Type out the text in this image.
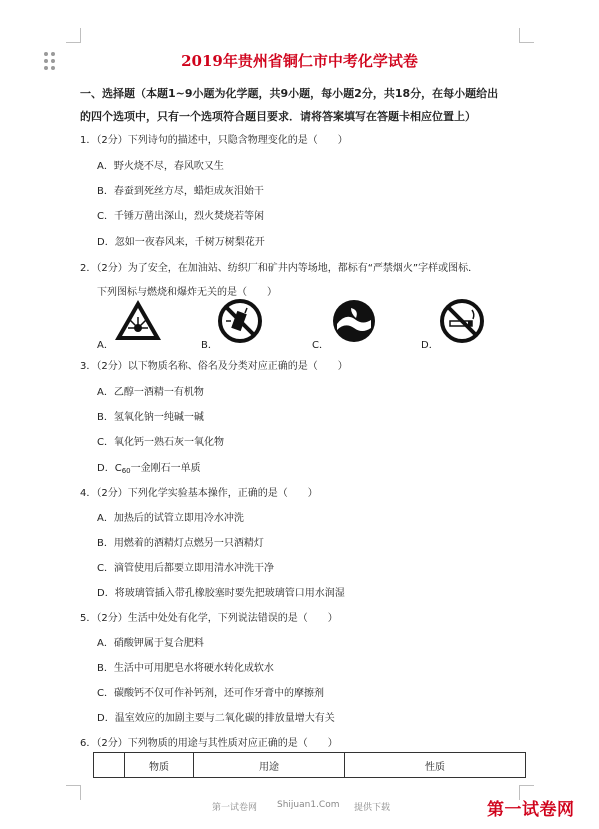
2019年贵州省铜仁市中考化学试卷
一、选择题（本题1~9小题为化学题，共9小题，每小题2分，共18分，在每小题给出
的四个选项中，只有一个选项符合题目要求．请将答案填写在答题卡相应位置上）
1．（2分）下列诗句的描述中，只隐含物理变化的是（　　）
A．野火烧不尽，春风吹又生
B．春蚕到死丝方尽，蜡炬成灰泪始干
C．千锤万凿出深山，烈火焚烧若等闲
D．忽如一夜春风来，千树万树梨花开
2．（2分）为了安全，在加油站、纺织厂和矿井内等场地，都标有“严禁烟火”字样或图标．
下列图标与燃烧和爆炸无关的是（　　）
A．	B．	C．	D．
3．（2分）以下物质名称、俗名及分类对应正确的是（　　）
A．乙醇一酒精一有机物
B．氢氧化钠一纯碱一碱
C．氧化钙一熟石灰一氧化物
D．$C_{60}$一金刚石一单质
4．（2分）下列化学实验基本操作，正确的是（　　）
A．加热后的试管立即用冷水冲洗
B．用燃着的酒精灯点燃另一只酒精灯
C．滴管使用后都要立即用清水冲洗干净
D．将玻璃管插入带孔橡胶塞时要先把玻璃管口用水润湿
5．（2分）生活中处处有化学，下列说法错误的是（　　）
A．硝酸钾属于复合肥料
B．生活中可用肥皂水将硬水转化成软水
C．碳酸钙不仅可作补钙剂，还可作牙膏中的摩擦剂
D．温室效应的加剧主要与二氧化碳的排放量增大有关
6．（2分）下列物质的用途与其性质对应正确的是（　　）
	物质	用途	性质
第一试卷网 Shijuan1.Com 提供下载	第一试卷网
